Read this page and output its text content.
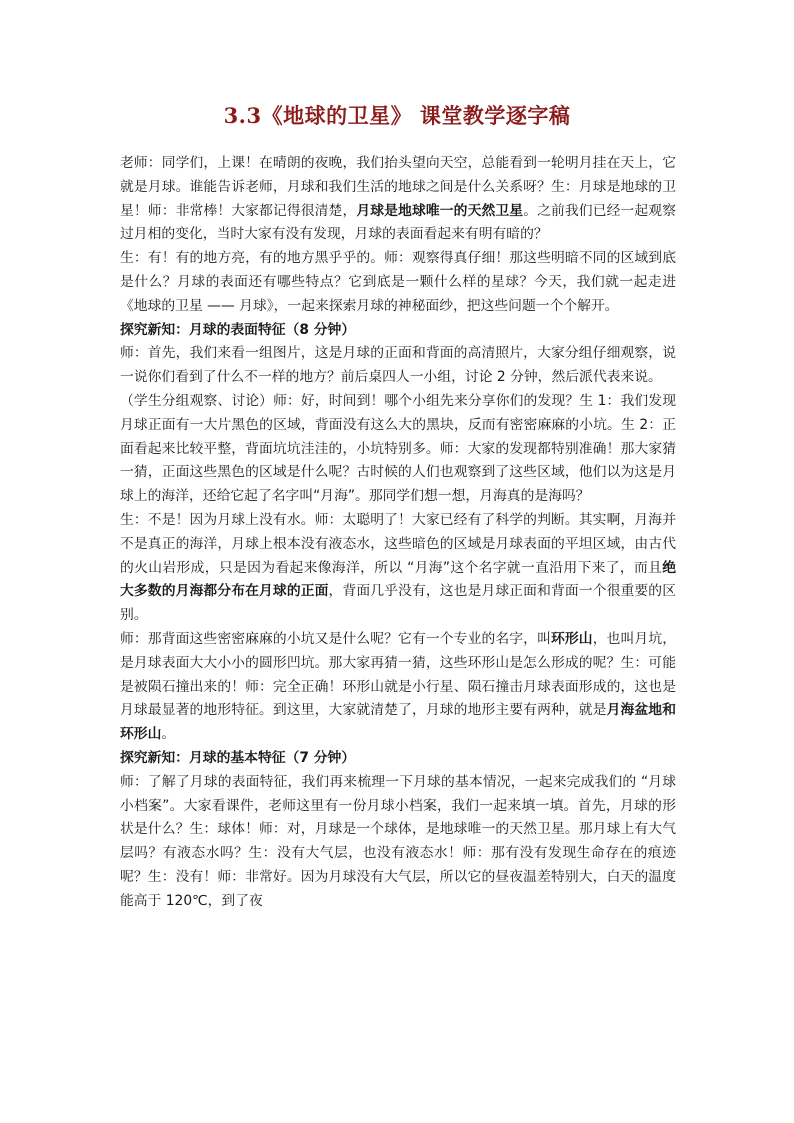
3.3《地球的卫星》 课堂教学逐字稿

老师：同学们，上课！在晴朗的夜晚，我们抬头望向天空，总能看到一轮明月挂在天上，它就是月球。谁能告诉老师，月球和我们生活的地球之间是什么关系呀？生：月球是地球的卫星！师：非常棒！大家都记得很清楚，月球是地球唯一的天然卫星。之前我们已经一起观察过月相的变化，当时大家有没有发现，月球的表面看起来有明有暗的？

生：有！有的地方亮，有的地方黑乎乎的。师：观察得真仔细！那这些明暗不同的区域到底是什么？月球的表面还有哪些特点？它到底是一颗什么样的星球？今天，我们就一起走进《地球的卫星 —— 月球》，一起来探索月球的神秘面纱，把这些问题一个个解开。

探究新知：月球的表面特征（8 分钟）

师：首先，我们来看一组图片，这是月球的正面和背面的高清照片，大家分组仔细观察，说一说你们看到了什么不一样的地方？前后桌四人一小组，讨论 2 分钟，然后派代表来说。

（学生分组观察、讨论）师：好，时间到！哪个小组先来分享你们的发现？生 1：我们发现月球正面有一大片黑色的区域，背面没有这么大的黑块，反而有密密麻麻的小坑。生 2：正面看起来比较平整，背面坑坑洼洼的，小坑特别多。师：大家的发现都特别准确！那大家猜一猜，正面这些黑色的区域是什么呢？古时候的人们也观察到了这些区域，他们以为这是月球上的海洋，还给它起了名字叫“月海”。那同学们想一想，月海真的是海吗？

生：不是！因为月球上没有水。师：太聪明了！大家已经有了科学的判断。其实啊，月海并不是真正的海洋，月球上根本没有液态水，这些暗色的区域是月球表面的平坦区域，由古代的火山岩形成，只是因为看起来像海洋，所以 “月海”这个名字就一直沿用下来了，而且绝大多数的月海都分布在月球的正面，背面几乎没有，这也是月球正面和背面一个很重要的区别。

师：那背面这些密密麻麻的小坑又是什么呢？它有一个专业的名字，叫环形山，也叫月坑，是月球表面大大小小的圆形凹坑。那大家再猜一猜，这些环形山是怎么形成的呢？生：可能是被陨石撞出来的！师：完全正确！环形山就是小行星、陨石撞击月球表面形成的，这也是月球最显著的地形特征。到这里，大家就清楚了，月球的地形主要有两种，就是月海盆地和环形山。

探究新知：月球的基本特征（7 分钟）

师：了解了月球的表面特征，我们再来梳理一下月球的基本情况，一起来完成我们的 “月球小档案”。大家看课件，老师这里有一份月球小档案，我们一起来填一填。首先，月球的形状是什么？生：球体！师：对，月球是一个球体，是地球唯一的天然卫星。那月球上有大气层吗？有液态水吗？生：没有大气层，也没有液态水！师：那有没有发现生命存在的痕迹呢？生：没有！师：非常好。因为月球没有大气层，所以它的昼夜温差特别大，白天的温度能高于 120℃，到了夜
